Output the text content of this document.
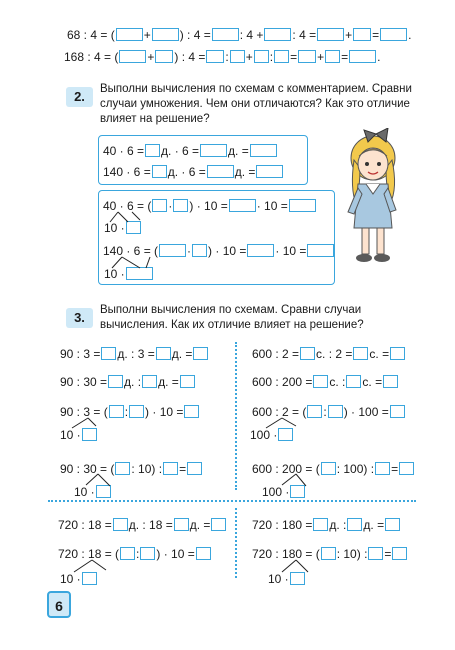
68 : 4 = ( + ) : 4 = : 4 + : 4 = + = .
168 : 4 = ( + ) : 4 = : + : = + = .
2.	Выполни вычисления по схемам с комментарием. Сравни случаи умножения. Чем они отличаются? Как это отличие влияет на решение?
40 · 6 = д. · 6 = д. =
140 · 6 = д. · 6 = д. =
40 · 6 = ( · ) · 10 = · 10 =
10 ·
140 · 6 = ( · ) · 10 = · 10 =
10 ·
3.	Выполни вычисления по схемам. Сравни случаи вычисления. Как их отличие влияет на решение?
90 : 3 = д. : 3 = д. =
90 : 30 = д. : д. =
90 : 3 = ( : ) · 10 =
10 ·
90 : 30 = ( : 10) : =
10 ·
600 : 2 = с. : 2 = с. =
600 : 200 = с. : с. =
600 : 2 = ( : ) · 100 =
100 ·
600 : 200 = ( : 100) : =
100 ·
720 : 18 = д. : 18 = д. =
720 : 18 = ( : ) · 10 =
10 ·
720 : 180 = д. : д. =
720 : 180 = ( : 10) : =
10 ·
6
